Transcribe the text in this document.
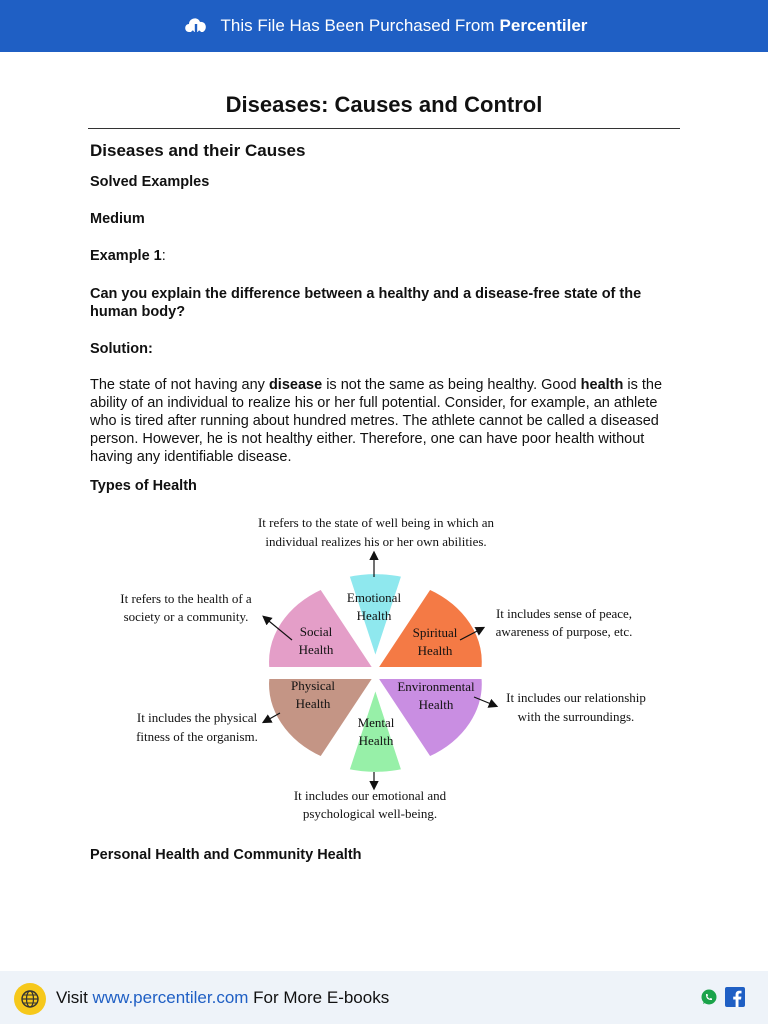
This File Has Been Purchased From Percentiler
Diseases: Causes and Control

Diseases and their Causes

Solved Examples

Medium

Example 1:

Can you explain the difference between a healthy and a disease-free state of the human body?

Solution:

The state of not having any disease is not the same as being healthy. Good health is the ability of an individual to realize his or her full potential. Consider, for example, an athlete who is tired after running about hundred metres. The athlete cannot be called a diseased person. However, he is not healthy either. Therefore, one can have poor health without having any identifiable disease.

Types of Health

Emotional Health
Spiritual Health
Environmental Health
Mental Health
Physical Health
Social Health
It refers to the state of well being in which an individual realizes his or her own abilities.
It includes sense of peace, awareness of purpose, etc.
It includes our relationship with the surroundings.
It includes our emotional and psychological well-being.
It includes the physical fitness of the organism.
It refers to the health of a society or a community.

Personal Health and Community Health

Visit www.percentiler.com For More E-books
